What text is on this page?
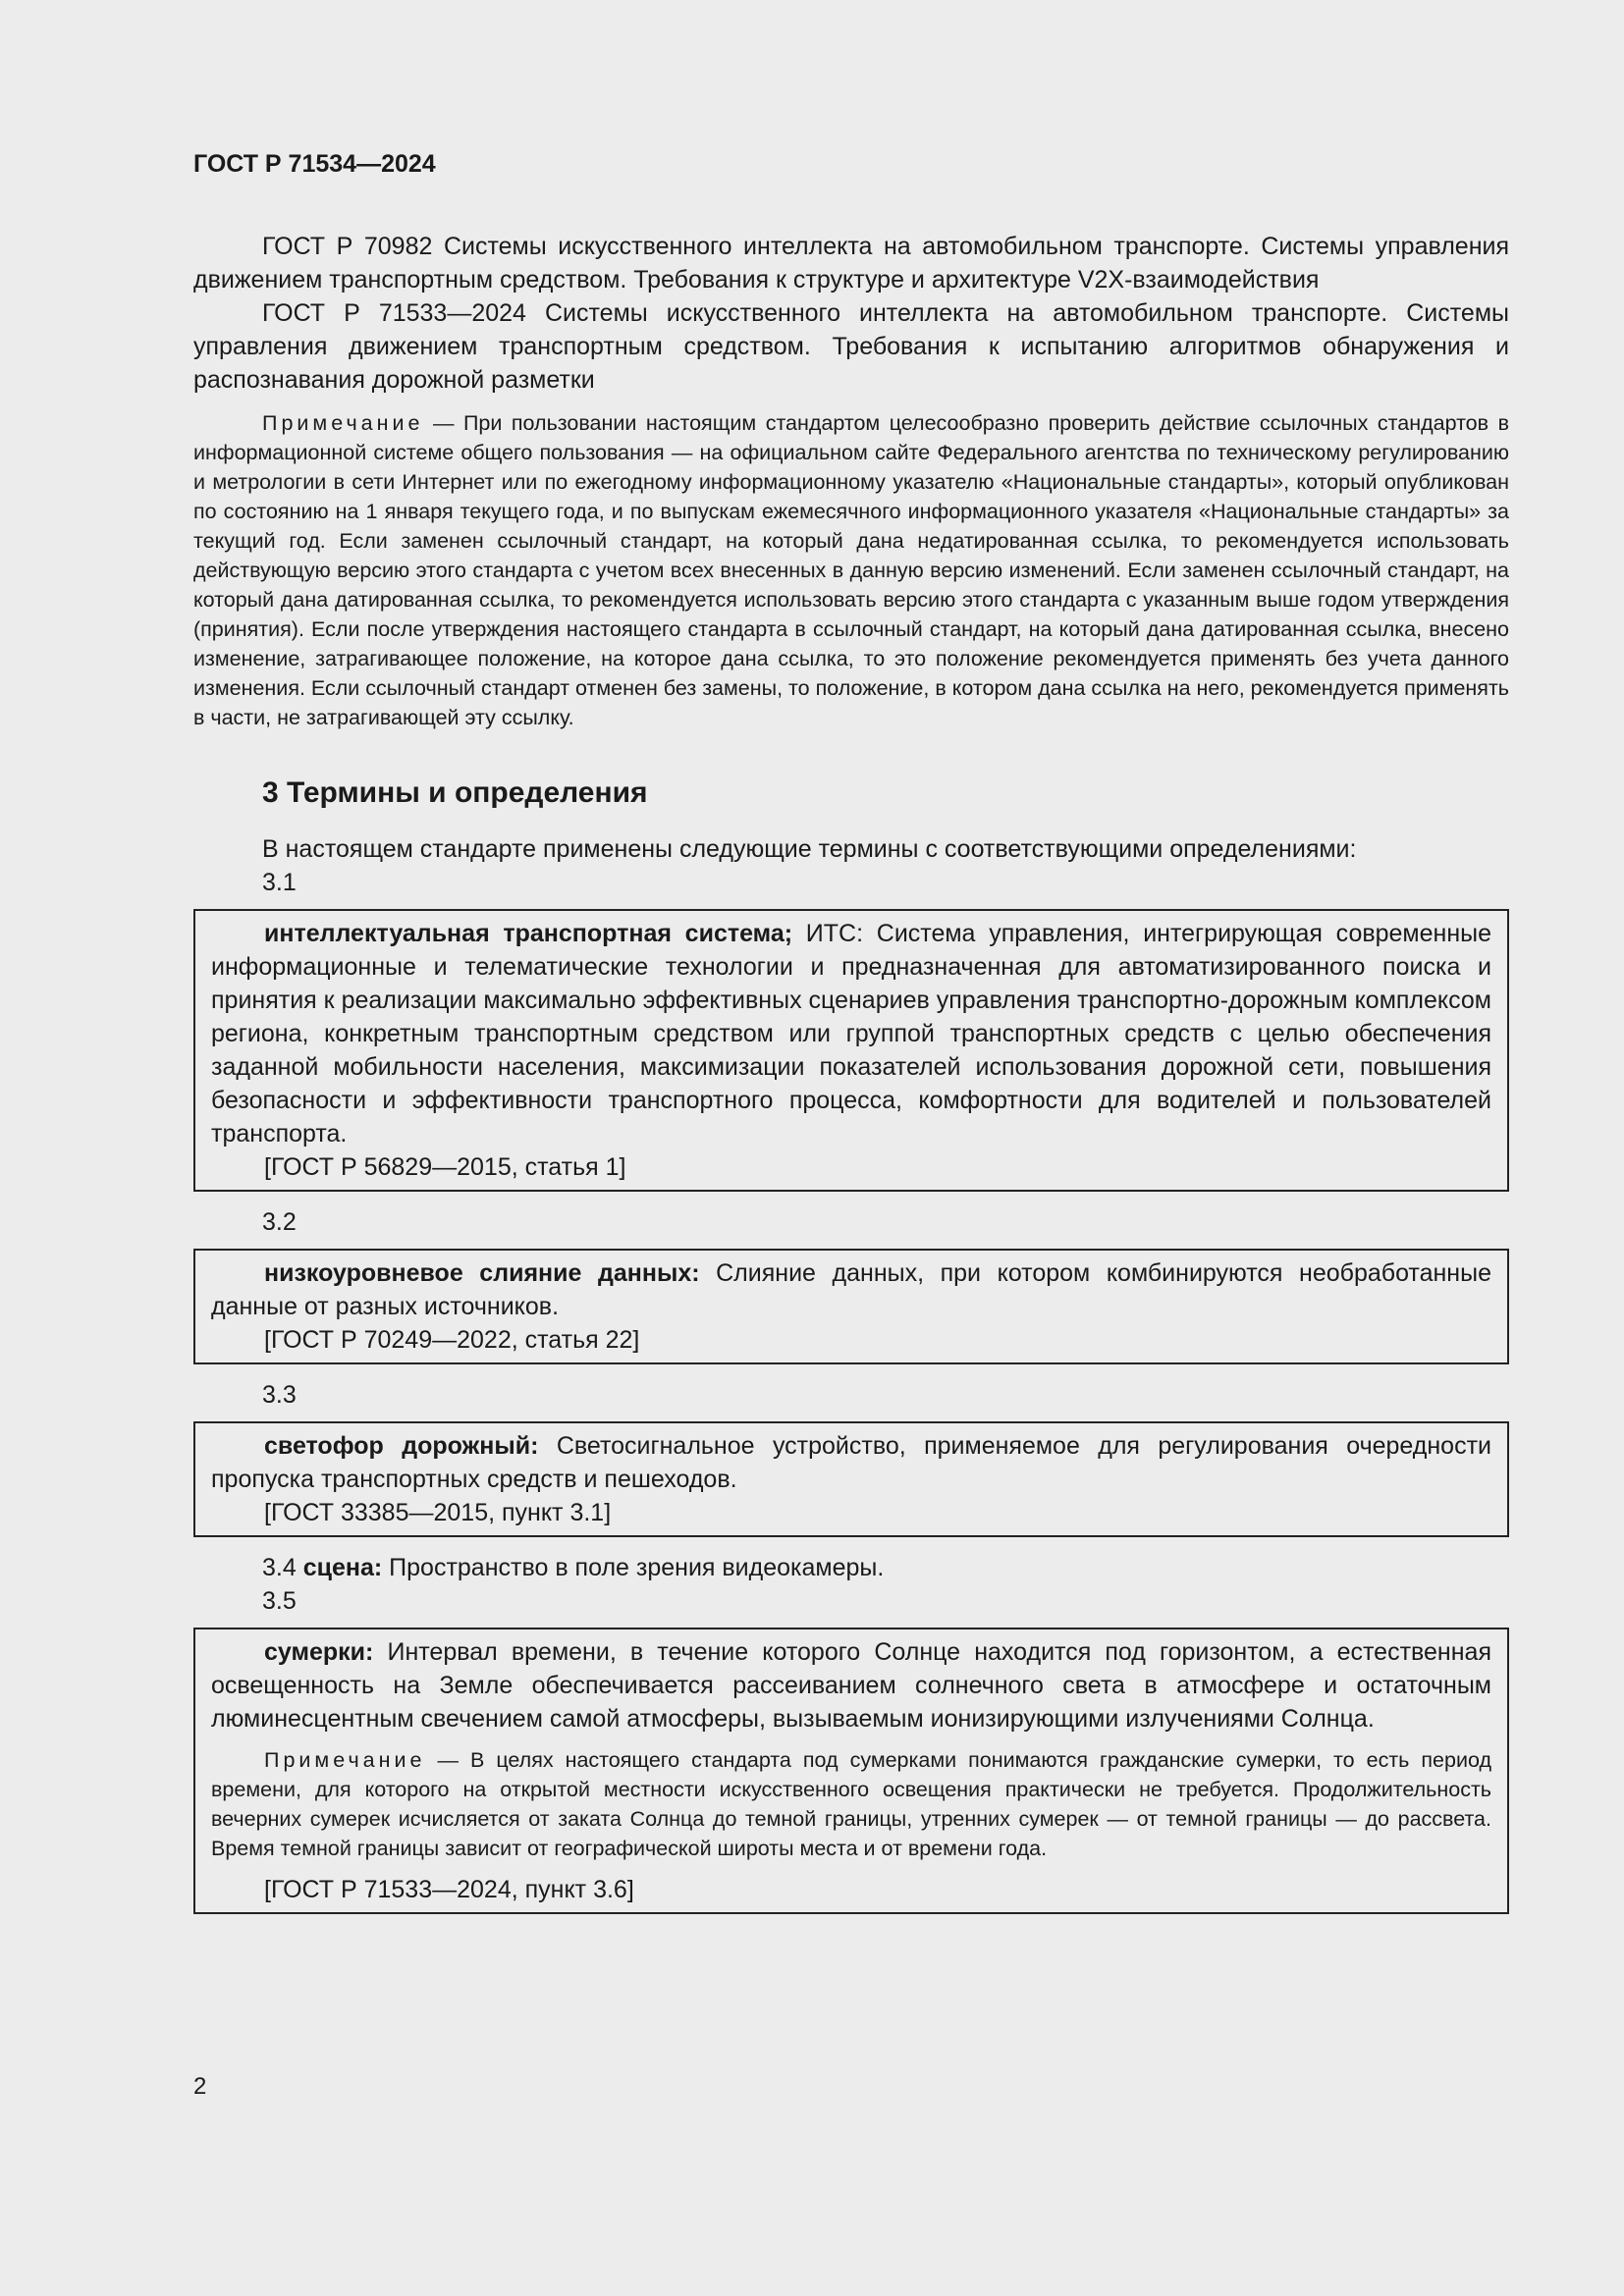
ГОСТ Р 71534—2024

ГОСТ Р 70982 Системы искусственного интеллекта на автомобильном транспорте. Системы управления движением транспортным средством. Требования к структуре и архитектуре V2X-взаимодействия

ГОСТ Р 71533—2024 Системы искусственного интеллекта на автомобильном транспорте. Системы управления движением транспортным средством. Требования к испытанию алгоритмов обнаружения и распознавания дорожной разметки

Примечание — При пользовании настоящим стандартом целесообразно проверить действие ссылочных стандартов в информационной системе общего пользования — на официальном сайте Федерального агентства по техническому регулированию и метрологии в сети Интернет или по ежегодному информационному указателю «Национальные стандарты», который опубликован по состоянию на 1 января текущего года, и по выпускам ежемесячного информационного указателя «Национальные стандарты» за текущий год. Если заменен ссылочный стандарт, на который дана недатированная ссылка, то рекомендуется использовать действующую версию этого стандарта с учетом всех внесенных в данную версию изменений. Если заменен ссылочный стандарт, на который дана датированная ссылка, то рекомендуется использовать версию этого стандарта с указанным выше годом утверждения (принятия). Если после утверждения настоящего стандарта в ссылочный стандарт, на который дана датированная ссылка, внесено изменение, затрагивающее положение, на которое дана ссылка, то это положение рекомендуется применять без учета данного изменения. Если ссылочный стандарт отменен без замены, то положение, в котором дана ссылка на него, рекомендуется применять в части, не затрагивающей эту ссылку.

3 Термины и определения

В настоящем стандарте применены следующие термины с соответствующими определениями:

3.1

интеллектуальная транспортная система; ИТС: Система управления, интегрирующая современные информационные и телематические технологии и предназначенная для автоматизированного поиска и принятия к реализации максимально эффективных сценариев управления транспортно-дорожным комплексом региона, конкретным транспортным средством или группой транспортных средств с целью обеспечения заданной мобильности населения, максимизации показателей использования дорожной сети, повышения безопасности и эффективности транспортного процесса, комфортности для водителей и пользователей транспорта.

[ГОСТ Р 56829—2015, статья 1]
3.2

низкоуровневое слияние данных: Слияние данных, при котором комбинируются необработанные данные от разных источников.

[ГОСТ Р 70249—2022, статья 22]
3.3

светофор дорожный: Светосигнальное устройство, применяемое для регулирования очередности пропуска транспортных средств и пешеходов.

[ГОСТ 33385—2015, пункт 3.1]
3.4 сцена: Пространство в поле зрения видеокамеры.
3.5

сумерки: Интервал времени, в течение которого Солнце находится под горизонтом, а естественная освещенность на Земле обеспечивается рассеиванием солнечного света в атмосфере и остаточным люминесцентным свечением самой атмосферы, вызываемым ионизирующими излучениями Солнца.

Примечание — В целях настоящего стандарта под сумерками понимаются гражданские сумерки, то есть период времени, для которого на открытой местности искусственного освещения практически не требуется. Продолжительность вечерних сумерек исчисляется от заката Солнца до темной границы, утренних сумерек — от темной границы — до рассвета. Время темной границы зависит от географической широты места и от времени года.

[ГОСТ Р 71533—2024, пункт 3.6]
2
